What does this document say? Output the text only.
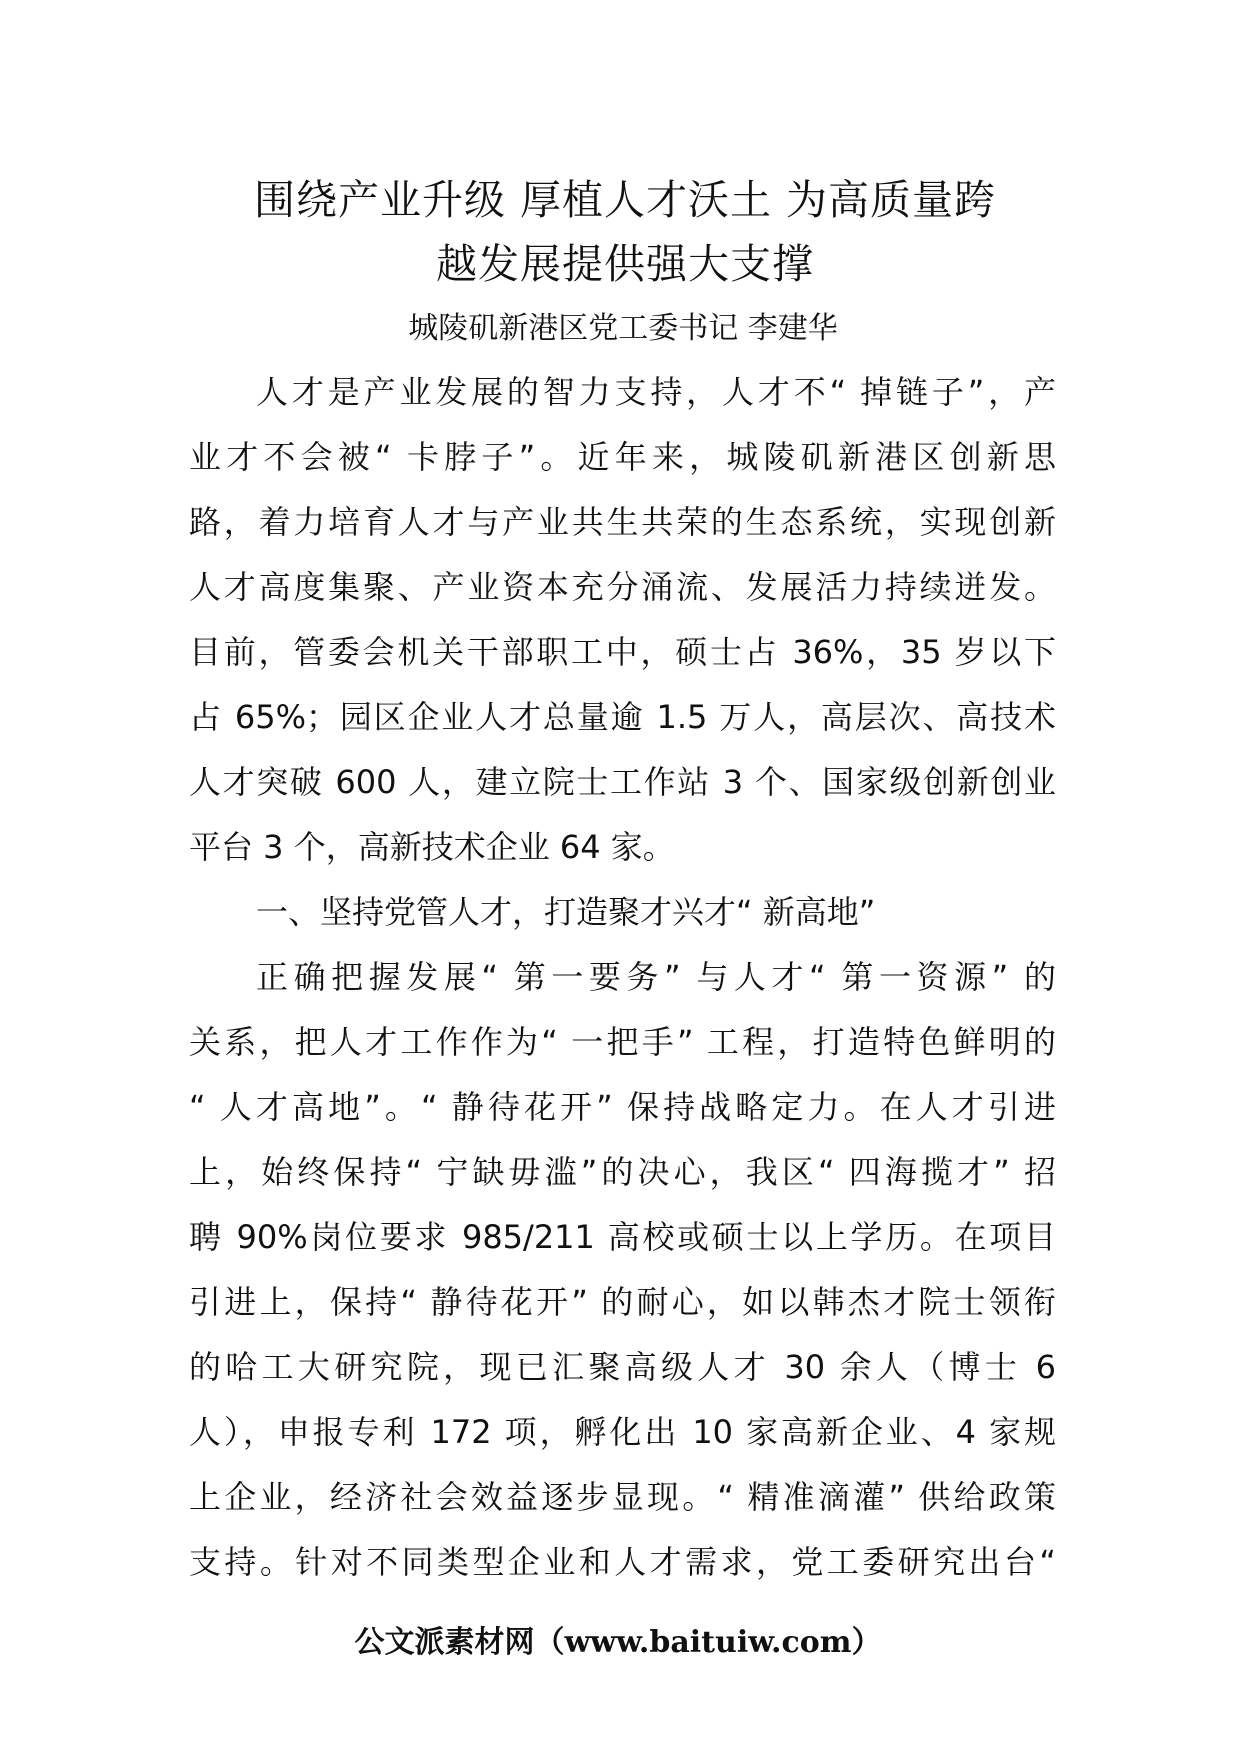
围绕产业升级 厚植人才沃土 为高质量跨
越发展提供强大支撑
城陵矶新港区党工委书记 李建华
人才是产业发展的智力支持，人才不“ 掉链子”，产
业才不会被“ 卡脖子”。近年来，城陵矶新港区创新思
路，着力培育人才与产业共生共荣的生态系统，实现创新
人才高度集聚、产业资本充分涌流、发展活力持续迸发。
目前，管委会机关干部职工中，硕士占 36%，35 岁以下
占 65%；园区企业人才总量逾 1.5 万人，高层次、高技术
人才突破 600 人，建立院士工作站 3 个、国家级创新创业
平台 3 个，高新技术企业 64 家。
一、坚持党管人才，打造聚才兴才“ 新高地”
正确把握发展“ 第一要务” 与人才“ 第一资源” 的
关系，把人才工作作为“ 一把手” 工程，打造特色鲜明的
“ 人才高地”。“ 静待花开” 保持战略定力。在人才引进
上，始终保持“ 宁缺毋滥”的决心，我区“ 四海揽才” 招
聘 90%岗位要求 985/211 高校或硕士以上学历。在项目
引进上，保持“ 静待花开” 的耐心，如以韩杰才院士领衔
的哈工大研究院，现已汇聚高级人才 30 余人（博士 6
人），申报专利 172 项，孵化出 10 家高新企业、4 家规
上企业，经济社会效益逐步显现。“ 精准滴灌” 供给政策
支持。针对不同类型企业和人才需求，党工委研究出台“
公文派素材网（www.baituiw.com）
